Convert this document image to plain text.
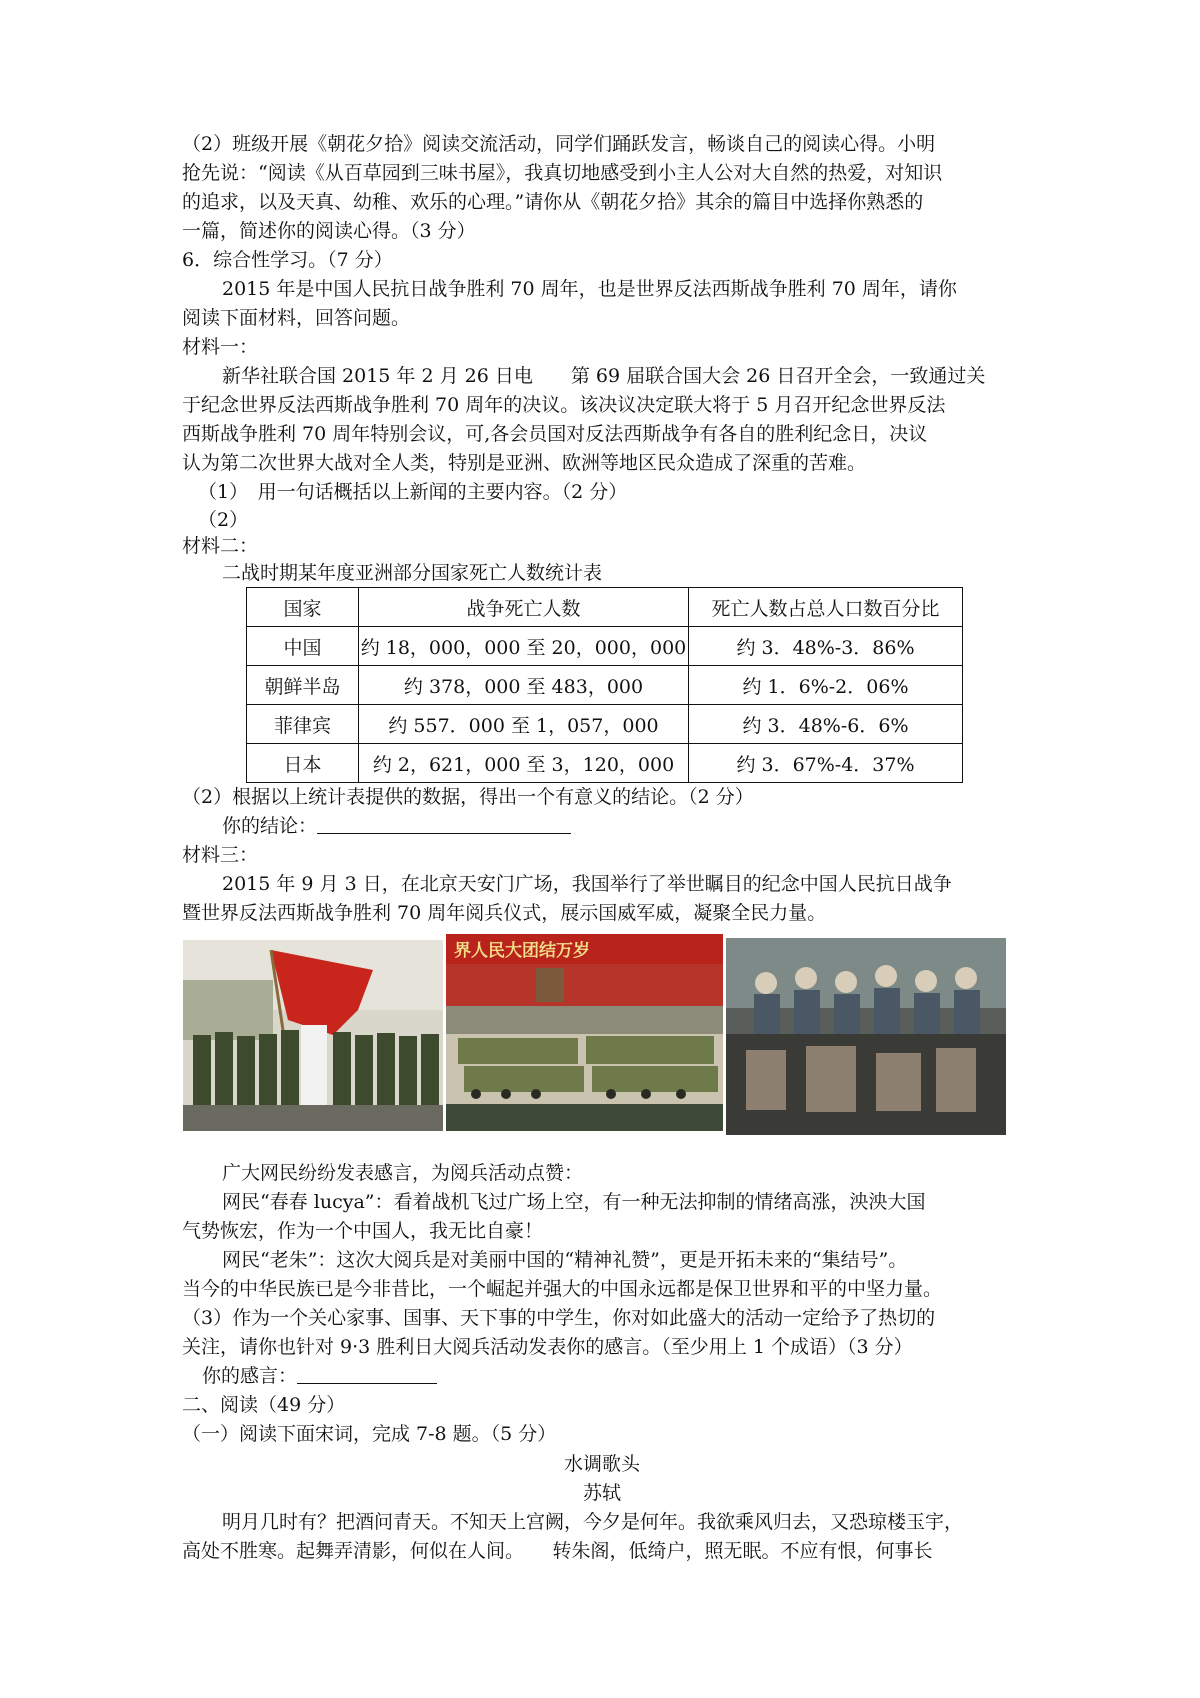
（2）班级开展《朝花夕拾》阅读交流活动，同学们踊跃发言，畅谈自己的阅读心得。小明
抢先说：“阅读《从百草园到三味书屋》，我真切地感受到小主人公对大自然的热爱，对知识
的追求，以及天真、幼稚、欢乐的心理。”请你从《朝花夕拾》其余的篇目中选择你熟悉的
一篇，简述你的阅读心得。（3 分）
6．综合性学习。（7 分）
2015 年是中国人民抗日战争胜利 70 周年，也是世界反法西斯战争胜利 70 周年，请你
阅读下面材料，回答问题。
材料一：
新华社联合国 2015 年 2 月 26 日电　　第 69 届联合国大会 26 日召开全会，一致通过关
于纪念世界反法西斯战争胜利 70 周年的决议。该决议决定联大将于 5 月召开纪念世界反法
西斯战争胜利 70 周年特别会议，可,各会员国对反法西斯战争有各自的胜利纪念日，决议
认为第二次世界大战对全人类，特别是亚洲、欧洲等地区民众造成了深重的苦难。
（1）　用一句话概括以上新闻的主要内容。（2 分）
（2）
材料二：
二战时期某年度亚洲部分国家死亡人数统计表
国家	战争死亡人数	死亡人数占总人口数百分比
中国	约 18，000，000 至 20，000，000	约 3．48%-3．86%
朝鲜半岛	约 378，000 至 483，000	约 1．6%-2．06%
菲律宾	约 557．000 至 1，057，000	约 3．48%-6．6%
日本	约 2，621，000 至 3，120，000	约 3．67%-4．37%
（2）根据以上统计表提供的数据，得出一个有意义的结论。（2 分）
你的结论：
材料三：
2015 年 9 月 3 日，在北京天安门广场，我国举行了举世瞩目的纪念中国人民抗日战争
暨世界反法西斯战争胜利 70 周年阅兵仪式，展示国威军威，凝聚全民力量。
界人民大团结万岁
广大网民纷纷发表感言，为阅兵活动点赞：
网民“春春 lucya”：看着战机飞过广场上空，有一种无法抑制的情绪高涨，泱泱大国
气势恢宏，作为一个中国人，我无比自豪！
网民“老朱”：这次大阅兵是对美丽中国的“精神礼赞”，更是开拓未来的“集结号”。
当今的中华民族已是今非昔比，一个崛起并强大的中国永远都是保卫世界和平的中坚力量。
（3）作为一个关心家事、国事、天下事的中学生，你对如此盛大的活动一定给予了热切的
关注，请你也针对 9·3 胜利日大阅兵活动发表你的感言。（至少用上 1 个成语）（3 分）
你的感言：
二、阅读（49 分）
（一）阅读下面宋词，完成 7-8 题。（5 分）
水调歌头
苏轼
明月几时有？把酒问青天。不知天上宫阙，今夕是何年。我欲乘风归去，又恐琼楼玉宇，
高处不胜寒。起舞弄清影，何似在人间。　　转朱阁，低绮户，照无眠。不应有恨，何事长
